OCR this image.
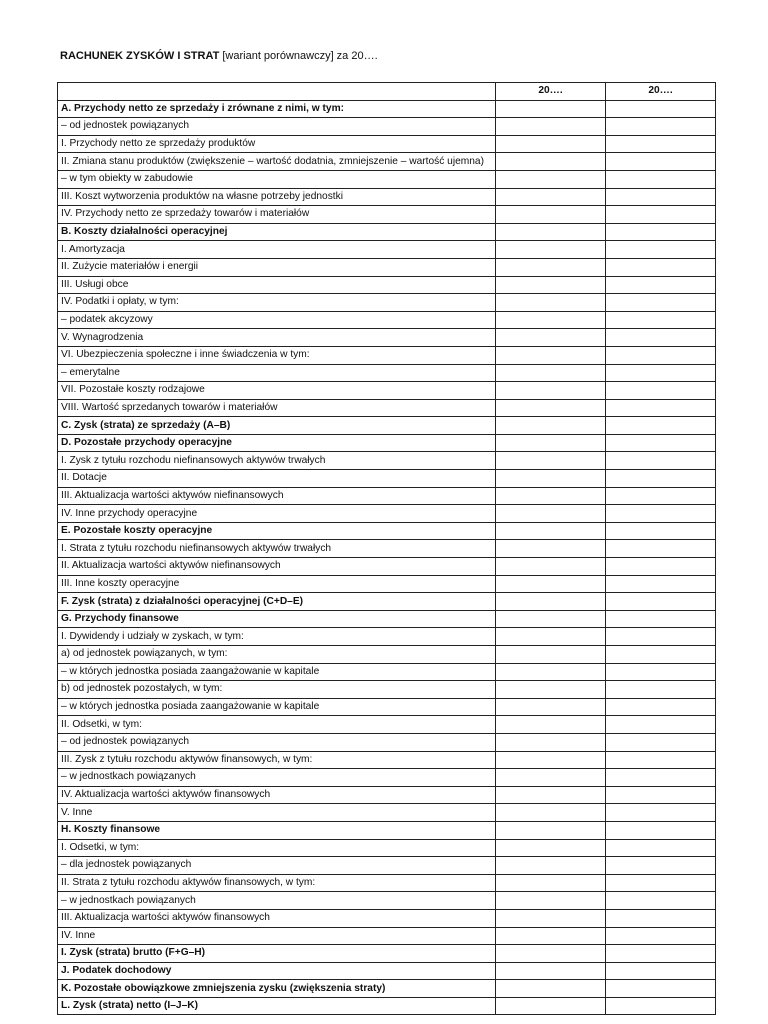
RACHUNEK ZYSKÓW I STRAT [wariant porównawczy] za 20….
	20….	20….
A. Przychody netto ze sprzedaży i zrównane z nimi, w tym:		
– od jednostek powiązanych		
I. Przychody netto ze sprzedaży produktów		
II. Zmiana stanu produktów (zwiększenie – wartość dodatnia, zmniejszenie – wartość ujemna)		
– w tym obiekty w zabudowie		
III. Koszt wytworzenia produktów na własne potrzeby jednostki		
IV. Przychody netto ze sprzedaży towarów i materiałów		
B. Koszty działalności operacyjnej		
I. Amortyzacja		
II. Zużycie materiałów i energii		
III. Usługi obce		
IV. Podatki i opłaty, w tym:		
– podatek akcyzowy		
V. Wynagrodzenia		
VI. Ubezpieczenia społeczne i inne świadczenia w tym:		
– emerytalne		
VII. Pozostałe koszty rodzajowe		
VIII. Wartość sprzedanych towarów i materiałów		
C. Zysk (strata) ze sprzedaży (A–B)		
D. Pozostałe przychody operacyjne		
I. Zysk z tytułu rozchodu niefinansowych aktywów trwałych		
II. Dotacje		
III. Aktualizacja wartości aktywów niefinansowych		
IV. Inne przychody operacyjne		
E. Pozostałe koszty operacyjne		
I. Strata z tytułu rozchodu niefinansowych aktywów trwałych		
II. Aktualizacja wartości aktywów niefinansowych		
III. Inne koszty operacyjne		
F. Zysk (strata) z działalności operacyjnej (C+D–E)		
G. Przychody finansowe		
I. Dywidendy i udziały w zyskach, w tym:		
a) od jednostek powiązanych, w tym:		
– w których jednostka posiada zaangażowanie w kapitale		
b) od jednostek pozostałych, w tym:		
– w których jednostka posiada zaangażowanie w kapitale		
II. Odsetki, w tym:		
– od jednostek powiązanych		
III. Zysk z tytułu rozchodu aktywów finansowych, w tym:		
– w jednostkach powiązanych		
IV. Aktualizacja wartości aktywów finansowych		
V. Inne		
H. Koszty finansowe		
I. Odsetki, w tym:		
– dla jednostek powiązanych		
II. Strata z tytułu rozchodu aktywów finansowych, w tym:		
– w jednostkach powiązanych		
III. Aktualizacja wartości aktywów finansowych		
IV. Inne		
I. Zysk (strata) brutto (F+G–H)		
J. Podatek dochodowy		
K. Pozostałe obowiązkowe zmniejszenia zysku (zwiększenia straty)		
L. Zysk (strata) netto (I–J–K)		
